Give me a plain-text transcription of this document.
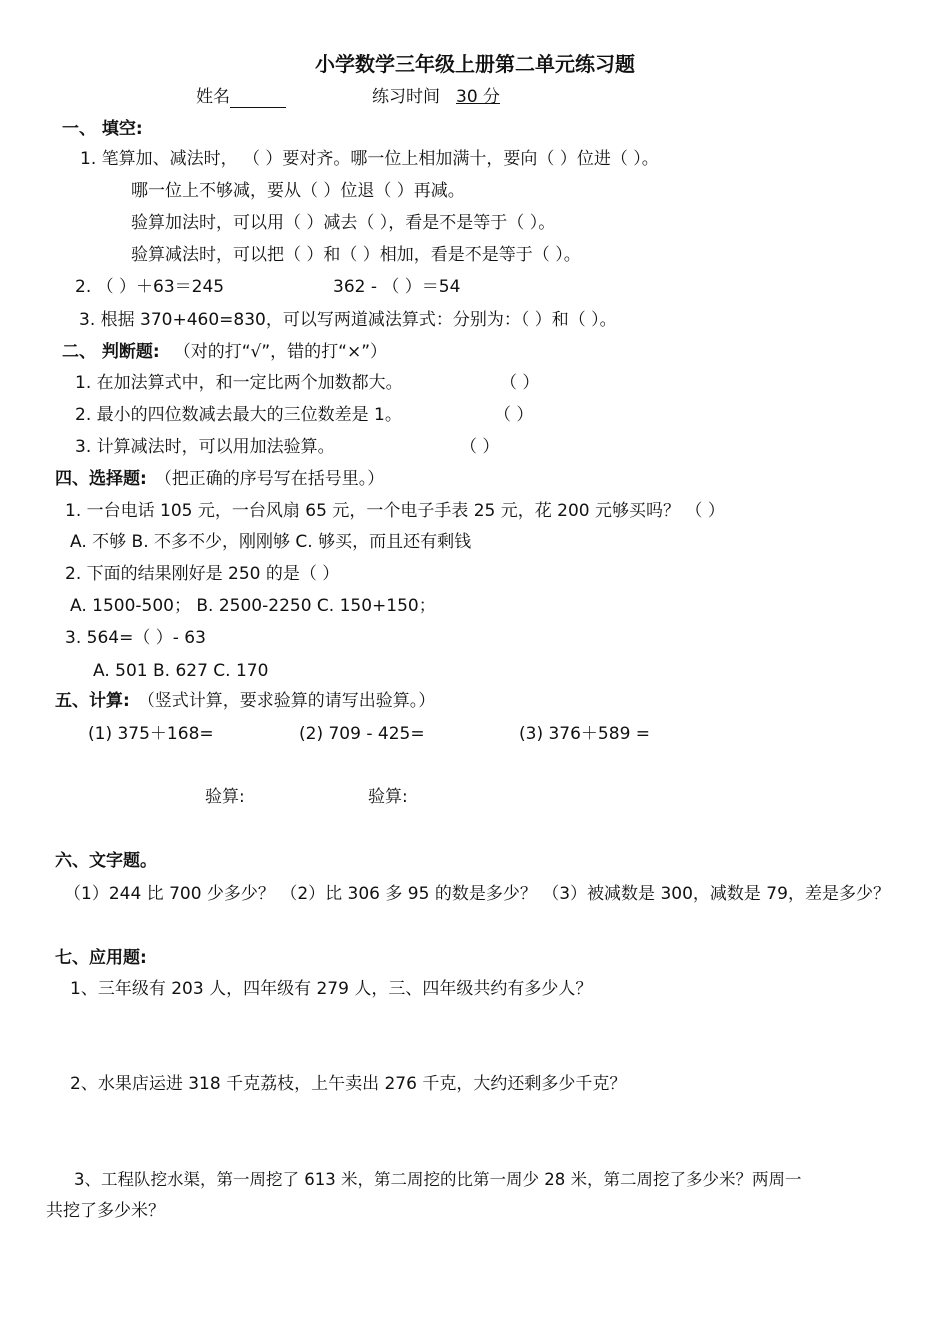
小学数学三年级上册第二单元练习题
姓名	练习时间 30 分
一、 填空:
1. 笔算加、减法时， （ ）要对齐。哪一位上相加满十，要向（ ）位进（ ）。
哪一位上不够减，要从（ ）位退（ ）再减。
验算加法时，可以用（ ）减去（ ），看是不是等于（ ）。
验算减法时，可以把（ ）和（ ）相加，看是不是等于（ ）。
2. （ ）＋63＝245	362 - （ ）＝54
3. 根据 370+460=830，可以写两道减法算式：分别为：（ ）和（ ）。
二、 判断题: （对的打“√”，错的打“×”）
1. 在加法算式中，和一定比两个加数都大。	（ ）
2. 最小的四位数减去最大的三位数差是 1。	（ ）
3. 计算减法时，可以用加法验算。	（ ）
四、选择题: （把正确的序号写在括号里。）
1. 一台电话 105 元，一台风扇 65 元，一个电子手表 25 元，花 200 元够买吗？ （ ）
A. 不够 B. 不多不少，刚刚够 C. 够买，而且还有剩钱
2. 下面的结果刚好是 250 的是（ ）
A. 1500-500； B. 2500-2250 C. 150+150；
3. 564=（ ）- 63
A. 501 B. 627 C. 170
五、计算: （竖式计算，要求验算的请写出验算。）
(1) 375＋168=	(2) 709 - 425=	(3) 376＋589 =
验算:	验算:
六、文字题。
（1）244 比 700 少多少？ （2）比 306 多 95 的数是多少？ （3）被减数是 300，减数是 79，差是多少？
七、应用题:
1、三年级有 203 人，四年级有 279 人，三、四年级共约有多少人？
2、水果店运进 318 千克荔枝，上午卖出 276 千克，大约还剩多少千克？
3、工程队挖水渠，第一周挖了 613 米，第二周挖的比第一周少 28 米，第二周挖了多少米？两周一
共挖了多少米？
